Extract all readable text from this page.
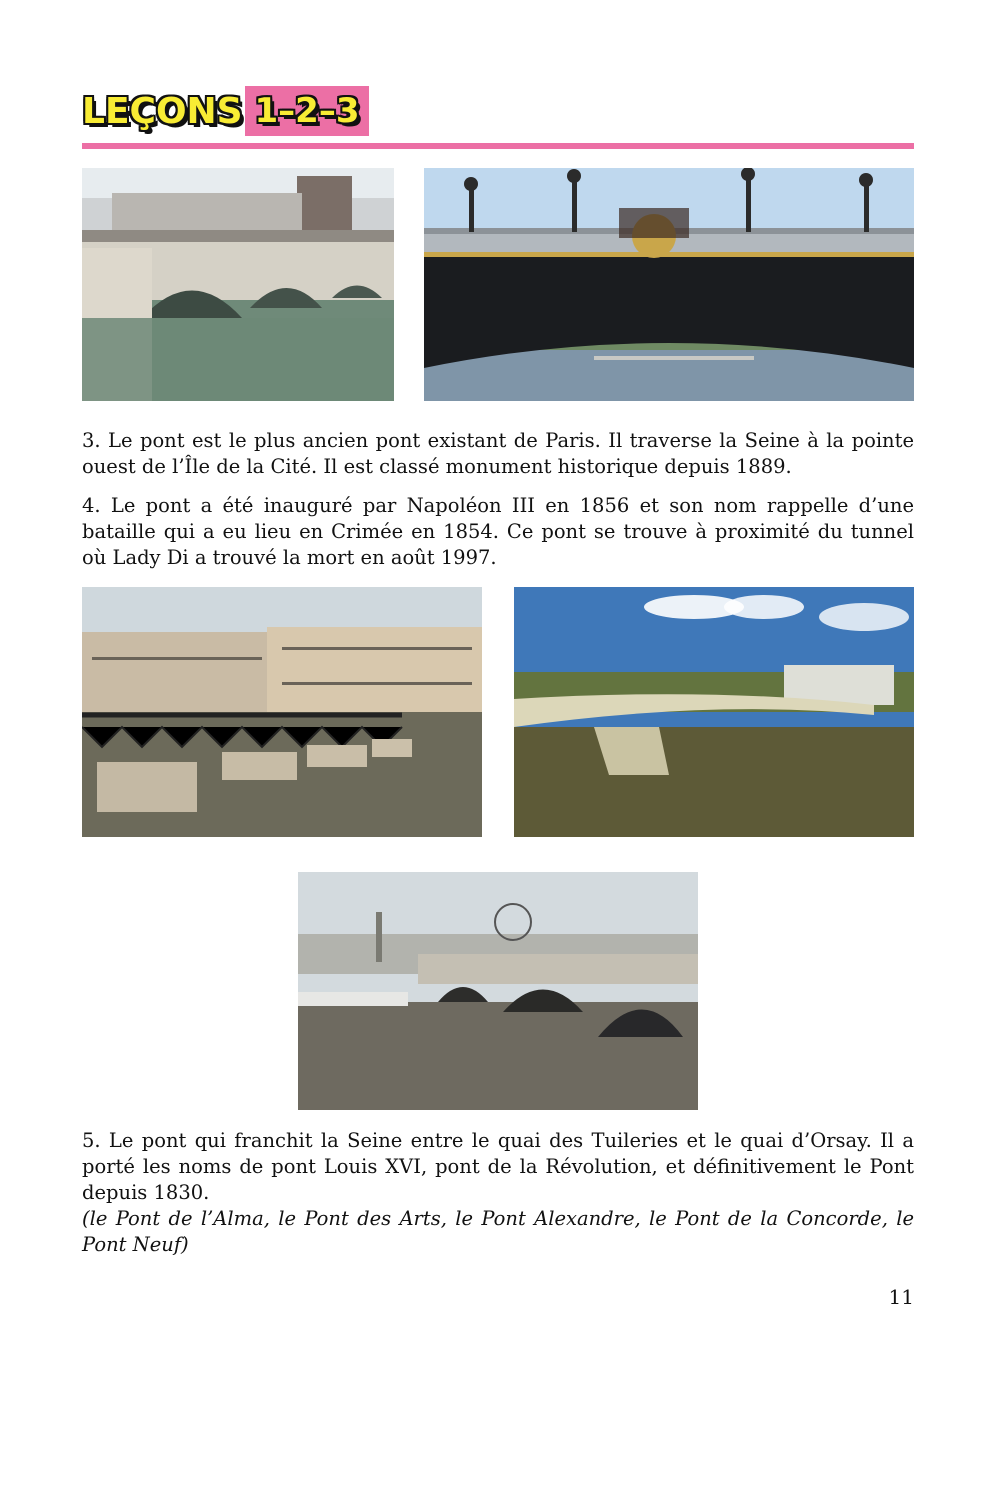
LEÇONS 1–2–3

3. Le pont est le plus ancien pont existant de Paris. Il traverse la Seine à la pointe ouest de l’Île de la Cité. Il est classé monument historique depuis 1889.

4. Le pont a été inauguré par Napoléon III en 1856 et son nom rappelle d’une bataille qui a eu lieu en Crimée en 1854. Ce pont se trouve à proximité du tunnel où Lady Di a trouvé la mort en août 1997.

5. Le pont qui franchit la Seine entre le quai des Tuileries et le quai d’Orsay. Il a porté les noms de pont Louis XVI, pont de la Révolution, et définitivement le Pont depuis 1830.

(le Pont de l’Alma, le Pont des Arts, le Pont Alexandre, le Pont de la Concorde, le Pont Neuf)

11
